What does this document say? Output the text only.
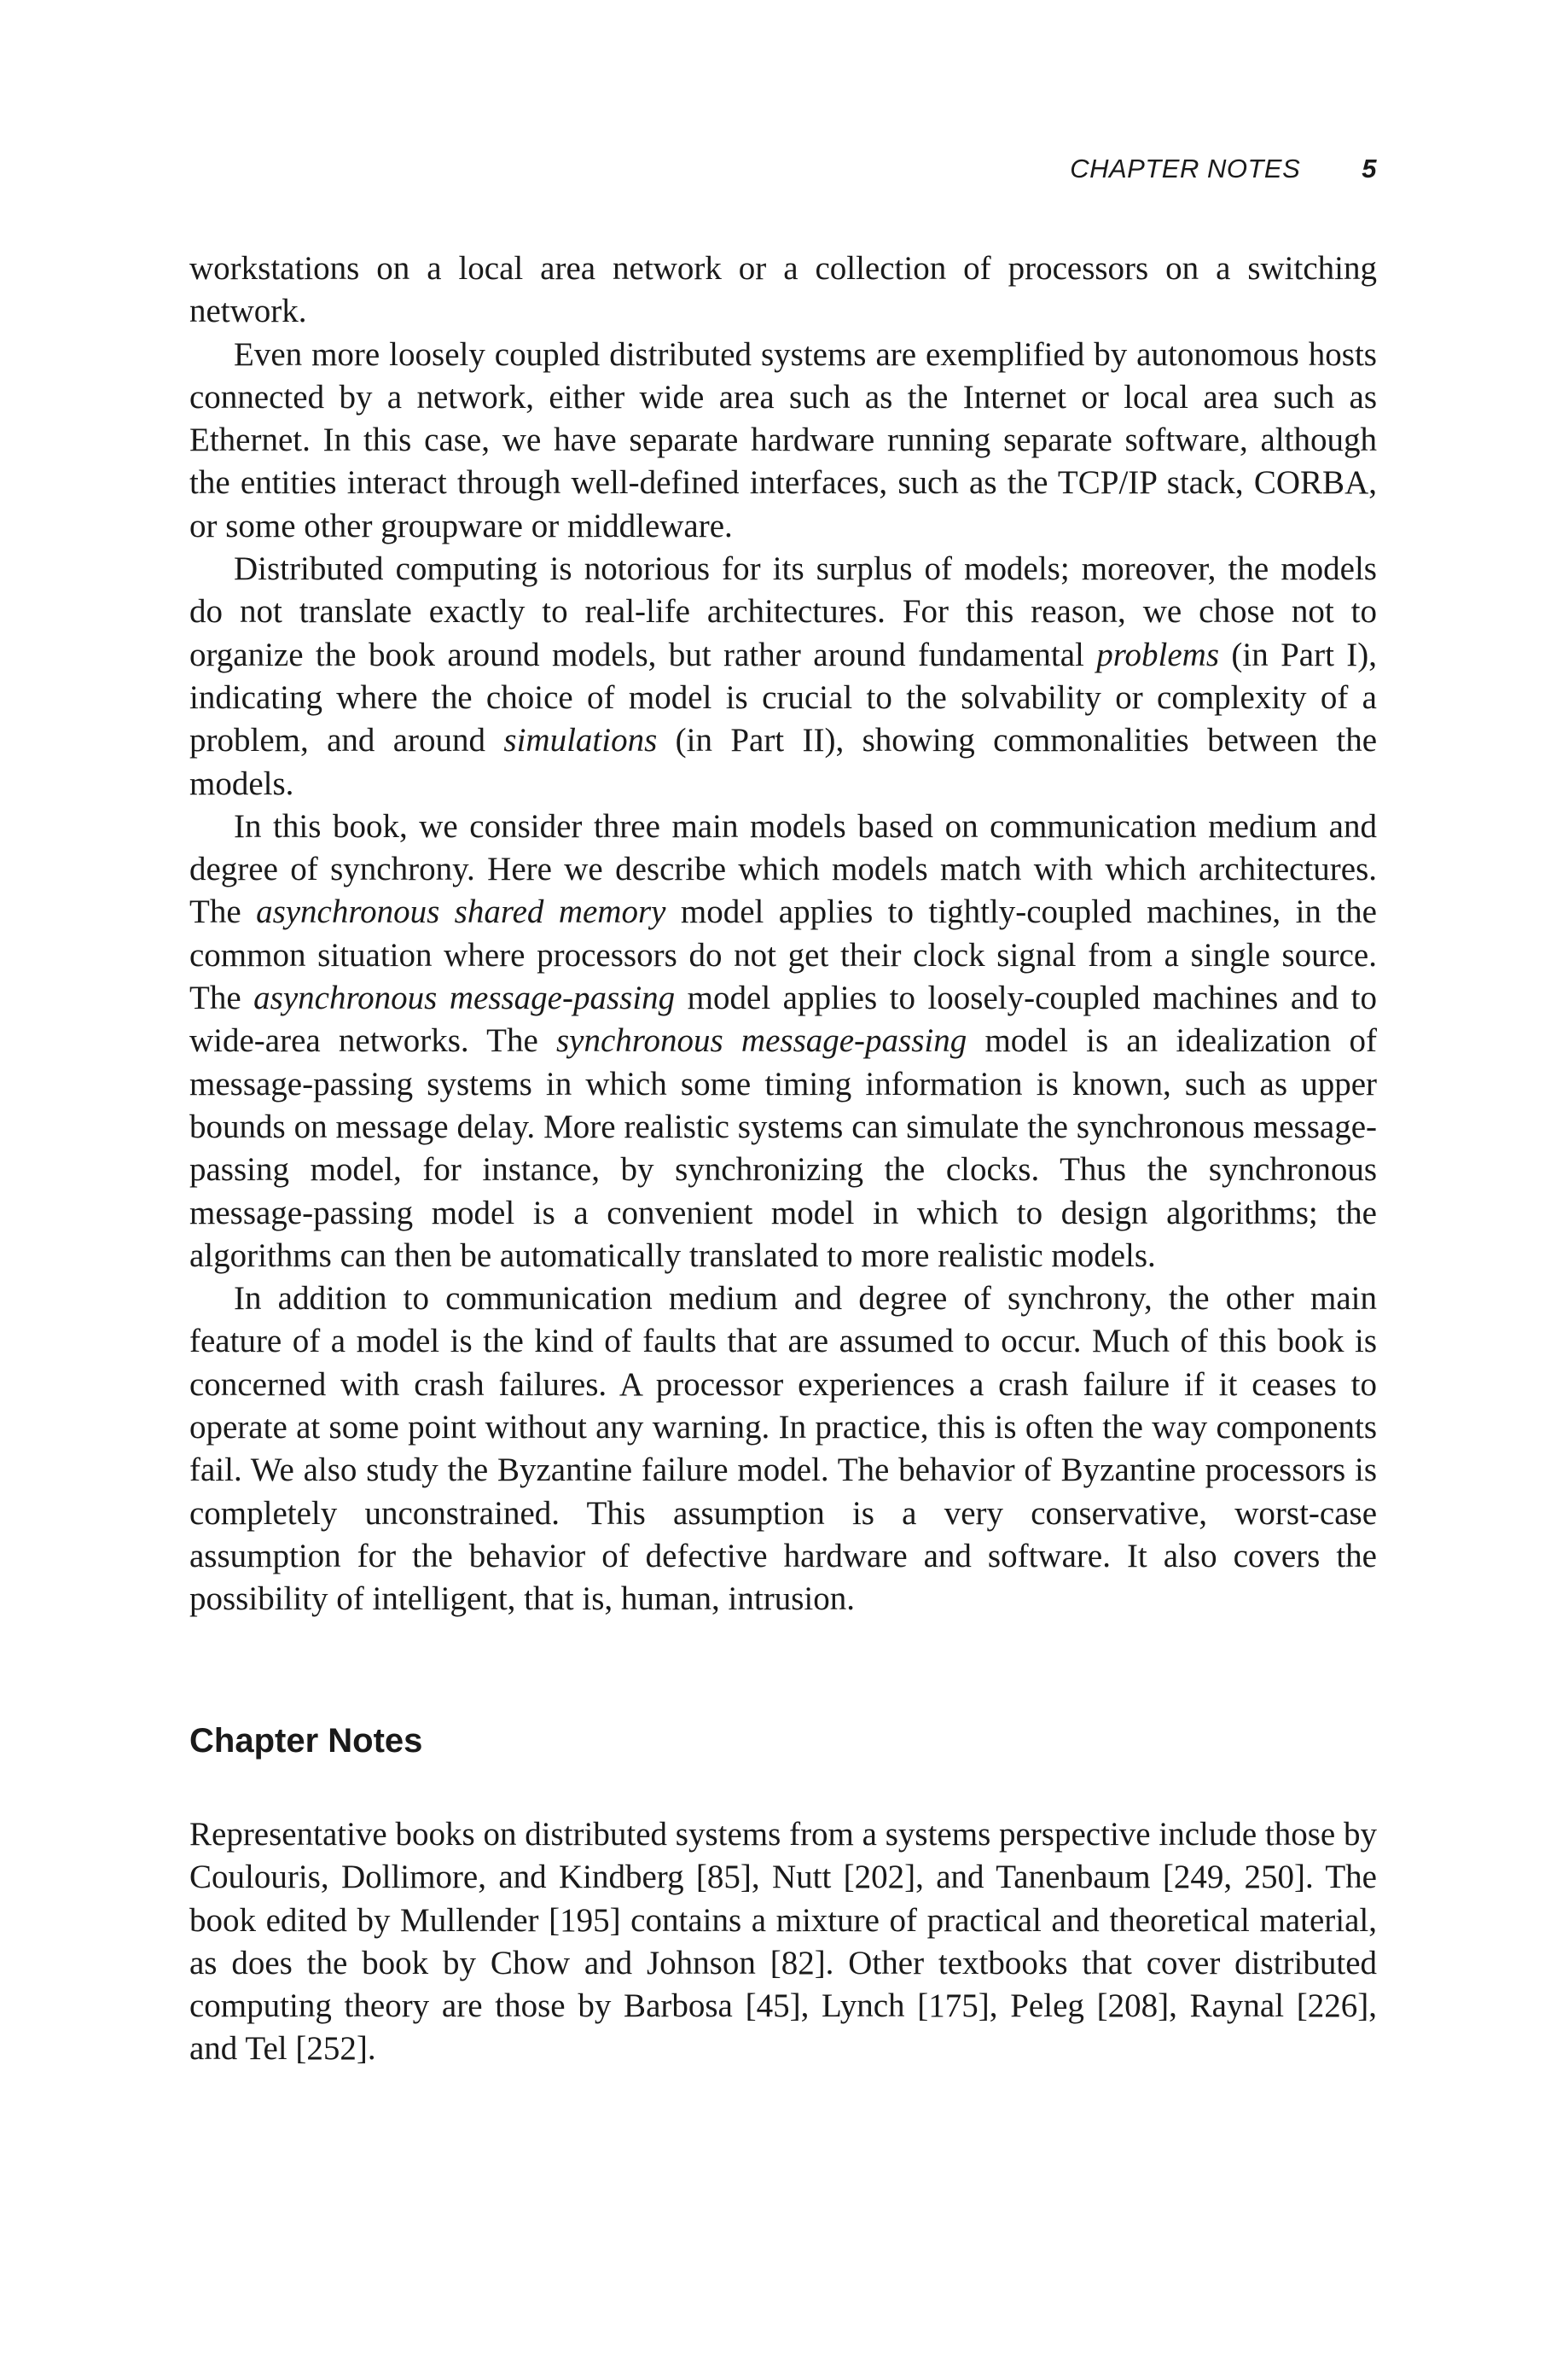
CHAPTER NOTES 5

workstations on a local area network or a collection of processors on a switching network.

Even more loosely coupled distributed systems are exemplified by autonomous hosts connected by a network, either wide area such as the Internet or local area such as Ethernet. In this case, we have separate hardware running separate software, although the entities interact through well-defined interfaces, such as the TCP/IP stack, CORBA, or some other groupware or middleware.

Distributed computing is notorious for its surplus of models; moreover, the models do not translate exactly to real-life architectures. For this reason, we chose not to organize the book around models, but rather around fundamental problems (in Part I), indicating where the choice of model is crucial to the solvability or complexity of a problem, and around simulations (in Part II), showing commonalities between the models.

In this book, we consider three main models based on communication medium and degree of synchrony. Here we describe which models match with which architectures. The asynchronous shared memory model applies to tightly-coupled machines, in the common situation where processors do not get their clock signal from a single source. The asynchronous message-passing model applies to loosely-coupled machines and to wide-area networks. The synchronous message-passing model is an idealization of message-passing systems in which some timing information is known, such as upper bounds on message delay. More realistic systems can simulate the synchronous message-passing model, for instance, by synchronizing the clocks. Thus the synchronous message-passing model is a convenient model in which to design algorithms; the algorithms can then be automatically translated to more realistic models.

In addition to communication medium and degree of synchrony, the other main feature of a model is the kind of faults that are assumed to occur. Much of this book is concerned with crash failures. A processor experiences a crash failure if it ceases to operate at some point without any warning. In practice, this is often the way components fail. We also study the Byzantine failure model. The behavior of Byzantine processors is completely unconstrained. This assumption is a very conservative, worst-case assumption for the behavior of defective hardware and software. It also covers the possibility of intelligent, that is, human, intrusion.

Chapter Notes

Representative books on distributed systems from a systems perspective include those by Coulouris, Dollimore, and Kindberg [85], Nutt [202], and Tanenbaum [249, 250]. The book edited by Mullender [195] contains a mixture of practical and theoretical material, as does the book by Chow and Johnson [82]. Other textbooks that cover distributed computing theory are those by Barbosa [45], Lynch [175], Peleg [208], Raynal [226], and Tel [252].
